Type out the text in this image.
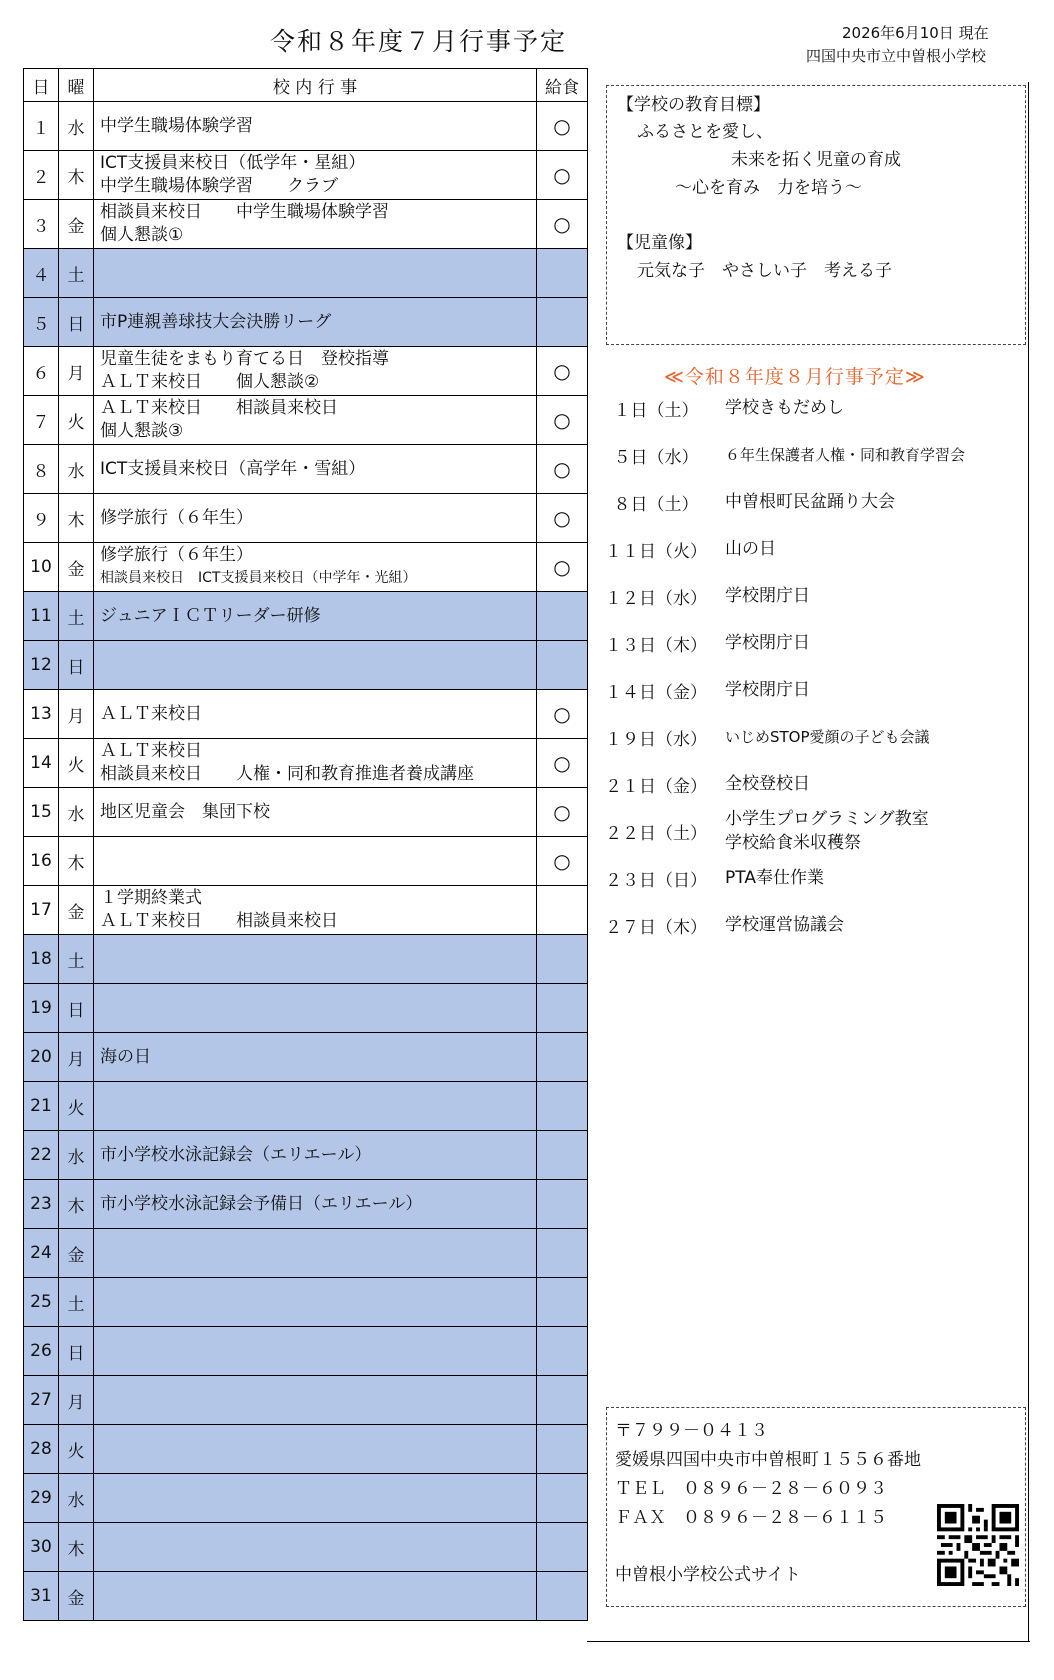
令和８年度７月行事予定	2026年6月10日 現在
四国中央市立中曽根小学校
日	曜	校 内 行 事	給食
１	水	中学生職場体験学習	○
２	木	ICT支援員来校日（低学年・星組）
中学生職場体験学習　　クラブ	○
３	金	相談員来校日　　中学生職場体験学習
個人懇談①	○
４	土		
５	日	市P連親善球技大会決勝リーグ	

６	月	児童生徒をまもり育てる日　登校指導
ＡＬＴ来校日　　個人懇談②	○
７	火	ＡＬＴ来校日　　相談員来校日
個人懇談③	○
８	水	ICT支援員来校日（高学年・雪組）	○
９	木	修学旅行（６年生）	○
10	金	修学旅行（６年生）
相談員来校日　ICT支援員来校日（中学年・光組）	○
11	土	ジュニアＩＣＴリーダー研修	

12	日		
13	月	ＡＬＴ来校日	○
14	火	ＡＬＴ来校日
相談員来校日　　人権・同和教育推進者養成講座	○
15	水	地区児童会　集団下校	○
16	木		○
17	金	１学期終業式
ＡＬＴ来校日　　相談員来校日	

18	土		
19	日		
20	月	海の日	

21	火		
22	水	市小学校水泳記録会（エリエール）	

23	木	市小学校水泳記録会予備日（エリエール）	

24	金		
25	土		
26	日		
27	月		
28	火		
29	水		
30	木		
31	金		
【学校の教育目標】
ふるさとを愛し、
未来を拓く児童の育成
～心を育み　力を培う～
【児童像】
元気な子　やさしい子　考える子
≪令和８年度８月行事予定≫
１日（土）	学校きもだめし
５日（水）	６年生保護者人権・同和教育学習会
８日（土）	中曽根町民盆踊り大会
１１日（火）	山の日
１２日（水）	学校閉庁日
１３日（木）	学校閉庁日
１４日（金）	学校閉庁日
１９日（水）	いじめSTOP愛顔の子ども会議
２１日（金）	全校登校日
２２日（土）
小学生プログラミング教室
学校給食米収穫祭
２３日（日）	PTA奉仕作業
２７日（木）	学校運営協議会
〒７９９－０４１３
愛媛県四国中央市中曽根町１５５６番地
ＴＥＬ　０８９６－２８－６０９３
ＦＡＸ　０８９６－２８－６１１５
中曽根小学校公式サイト
